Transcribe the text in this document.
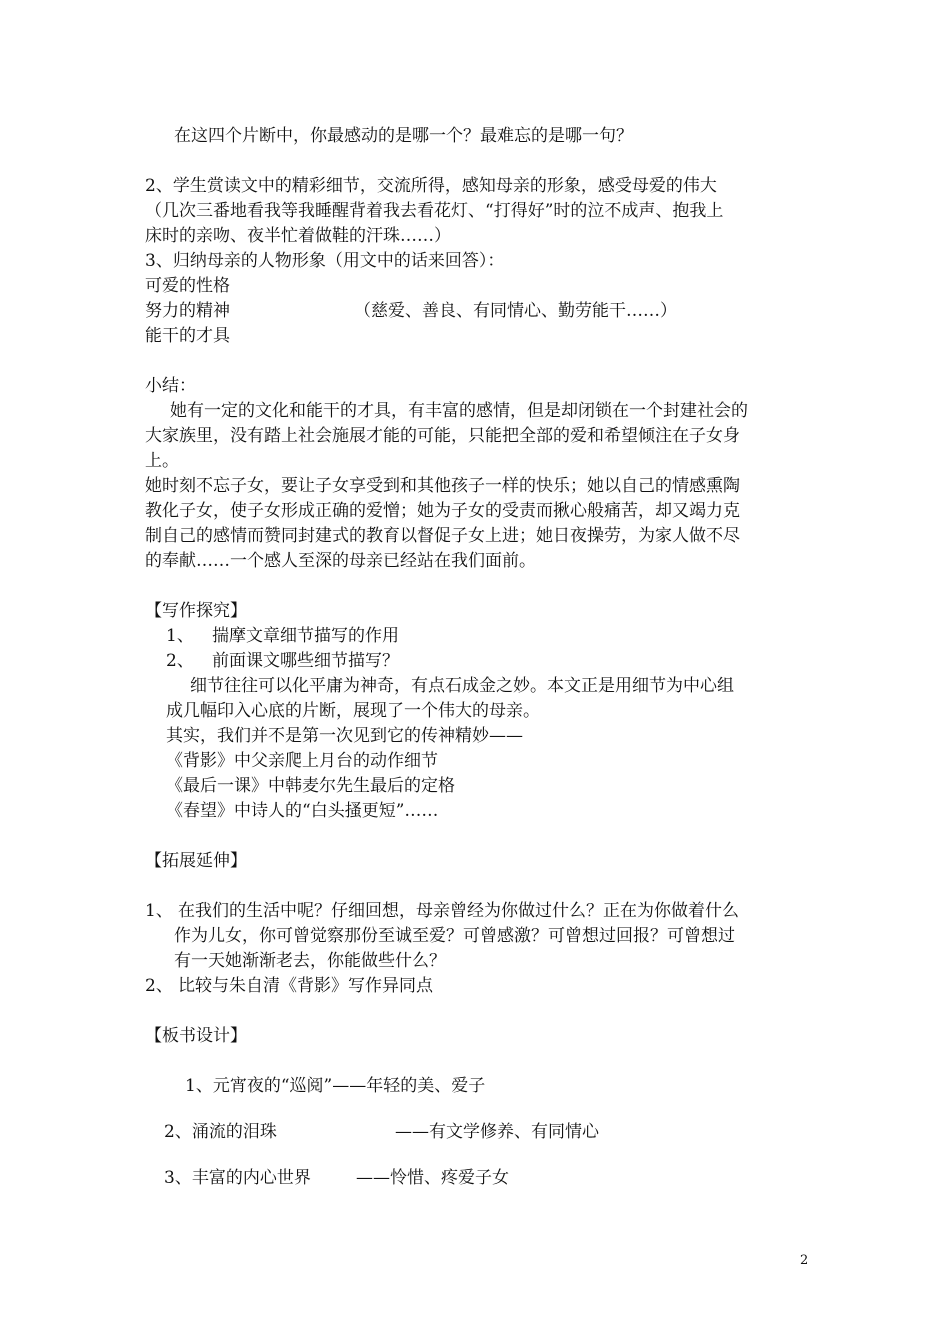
在这四个片断中，你最感动的是哪一个？最难忘的是哪一句？
2、学生赏读文中的精彩细节，交流所得，感知母亲的形象，感受母爱的伟大
（几次三番地看我等我睡醒背着我去看花灯、“打得好”时的泣不成声、抱我上
床时的亲吻、夜半忙着做鞋的汗珠……）
3、归纳母亲的人物形象（用文中的话来回答）：
可爱的性格
努力的精神	（慈爱、善良、有同情心、勤劳能干……）
能干的才具
小结：
她有一定的文化和能干的才具，有丰富的感情，但是却闭锁在一个封建社会的
大家族里，没有踏上社会施展才能的可能，只能把全部的爱和希望倾注在子女身
上。
她时刻不忘子女，要让子女享受到和其他孩子一样的快乐；她以自己的情感熏陶
教化子女，使子女形成正确的爱憎；她为子女的受责而揪心般痛苦，却又竭力克
制自己的感情而赞同封建式的教育以督促子女上进；她日夜操劳，为家人做不尽
的奉献……一个感人至深的母亲已经站在我们面前。
【写作探究】
1、 揣摩文章细节描写的作用
2、 前面课文哪些细节描写？
细节往往可以化平庸为神奇，有点石成金之妙。本文正是用细节为中心组
成几幅印入心底的片断，展现了一个伟大的母亲。
其实，我们并不是第一次见到它的传神精妙——
《背影》中父亲爬上月台的动作细节
《最后一课》中韩麦尔先生最后的定格
《春望》中诗人的“白头搔更短”……
【拓展延伸】
1、 在我们的生活中呢？仔细回想，母亲曾经为你做过什么？正在为你做着什么
作为儿女，你可曾觉察那份至诚至爱？可曾感激？可曾想过回报？可曾想过
有一天她渐渐老去，你能做些什么？
2、 比较与朱自清《背影》写作异同点
【板书设计】
1、元宵夜的“巡阅”——年轻的美、爱子
2、涌流的泪珠	——有文学修养、有同情心
3、丰富的内心世界	——怜惜、疼爱子女
2
